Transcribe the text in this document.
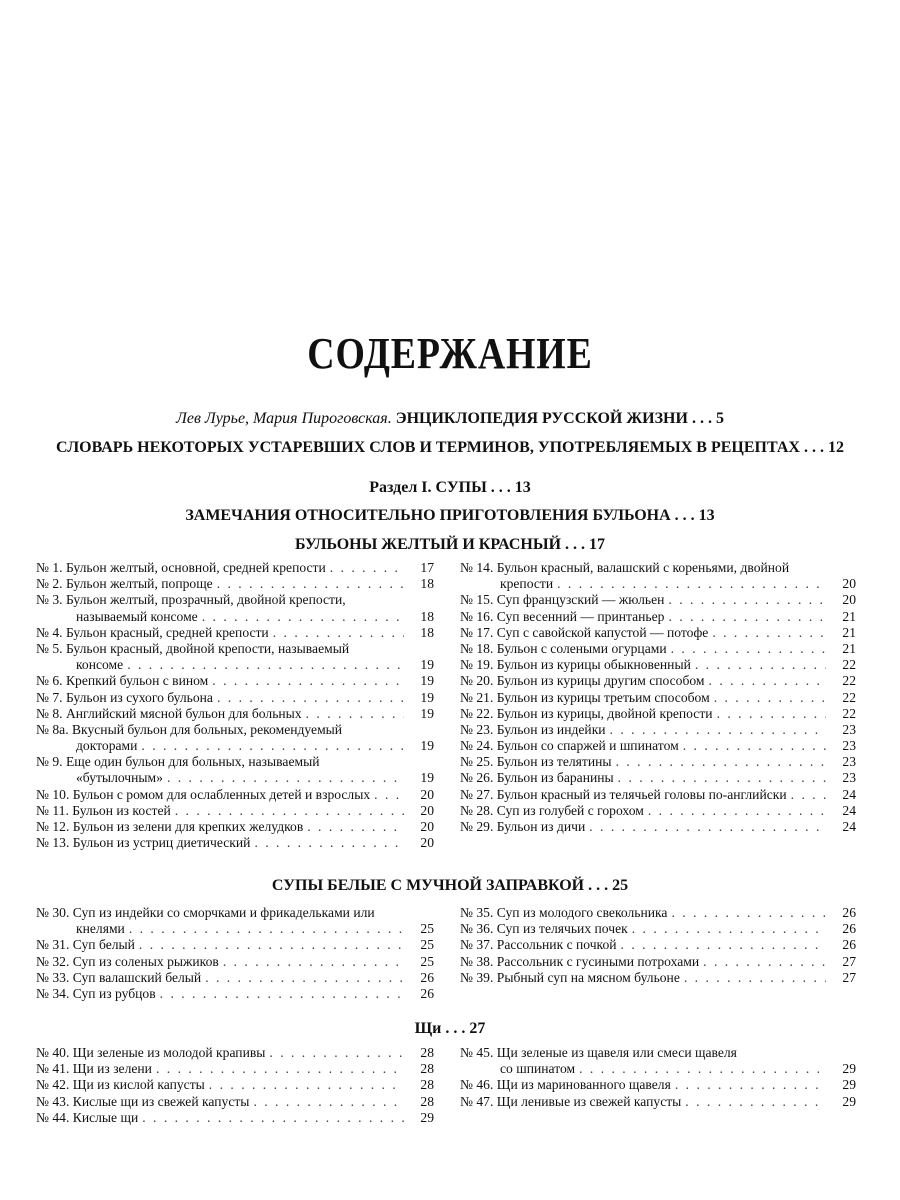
СОДЕРЖАНИЕ
Лев Лурье, Мария Пироговская. ЭНЦИКЛОПЕДИЯ РУССКОЙ ЖИЗНИ . . . 5
СЛОВАРЬ НЕКОТОРЫХ УСТАРЕВШИХ СЛОВ И ТЕРМИНОВ, УПОТРЕБЛЯЕМЫХ В РЕЦЕПТАХ . . . 12
Раздел I. СУПЫ . . . 13
ЗАМЕЧАНИЯ ОТНОСИТЕЛЬНО ПРИГОТОВЛЕНИЯ БУЛЬОНА . . . 13
БУЛЬОНЫ ЖЕЛТЫЙ И КРАСНЫЙ . . . 17
№ 1. Бульон желтый, основной, средней крепости . . .	17
№ 2. Бульон желтый, попроще . . .	18
№ 3. Бульон желтый, прозрачный, двойной крепости,
называемый консоме . . .	18
№ 4. Бульон красный, средней крепости . . .	18
№ 5. Бульон красный, двойной крепости, называемый
консоме . . .	19
№ 6. Крепкий бульон с вином . . .	19
№ 7. Бульон из сухого бульона . . .	19
№ 8. Английский мясной бульон для больных . . .	19
№ 8а. Вкусный бульон для больных, рекомендуемый
докторами . . .	19
№ 9. Еще один бульон для больных, называемый
«бутылочным» . . .	19
№ 10. Бульон с ромом для ослабленных детей и взрослых . . .	20
№ 11. Бульон из костей . . .	20
№ 12. Бульон из зелени для крепких желудков . . .	20
№ 13. Бульон из устриц диетический . . .	20
№ 14. Бульон красный, валашский с кореньями, двойной
крепости . . .	20
№ 15. Суп французский — жюльен . . .	20
№ 16. Суп весенний — принтаньер . . .	21
№ 17. Суп с савойской капустой — потофе . . .	21
№ 18. Бульон с солеными огурцами . . .	21
№ 19. Бульон из курицы обыкновенный . . .	22
№ 20. Бульон из курицы другим способом . . .	22
№ 21. Бульон из курицы третьим способом . . .	22
№ 22. Бульон из курицы, двойной крепости . . .	22
№ 23. Бульон из индейки . . .	23
№ 24. Бульон со спаржей и шпинатом . . .	23
№ 25. Бульон из телятины . . .	23
№ 26. Бульон из баранины . . .	23
№ 27. Бульон красный из телячьей головы по-английски . . .	24
№ 28. Суп из голубей с горохом . . .	24
№ 29. Бульон из дичи . . .	24
СУПЫ БЕЛЫЕ С МУЧНОЙ ЗАПРАВКОЙ . . . 25
№ 30. Суп из индейки со сморчками и фрикадельками или
кнелями . . .	25
№ 31. Суп белый . . .	25
№ 32. Суп из соленых рыжиков . . .	25
№ 33. Суп валашский белый . . .	26
№ 34. Суп из рубцов . . .	26
№ 35. Суп из молодого свекольника . . .	26
№ 36. Суп из телячьих почек . . .	26
№ 37. Рассольник с почкой . . .	26
№ 38. Рассольник с гусиными потрохами . . .	27
№ 39. Рыбный суп на мясном бульоне . . .	27
Щи . . . 27
№ 40. Щи зеленые из молодой крапивы . . .	28
№ 41. Щи из зелени . . .	28
№ 42. Щи из кислой капусты . . .	28
№ 43. Кислые щи из свежей капусты . . .	28
№ 44. Кислые щи . . .	29
№ 45. Щи зеленые из щавеля или смеси щавеля
со шпинатом . . .	29
№ 46. Щи из маринованного щавеля . . .	29
№ 47. Щи ленивые из свежей капусты . . .	29
